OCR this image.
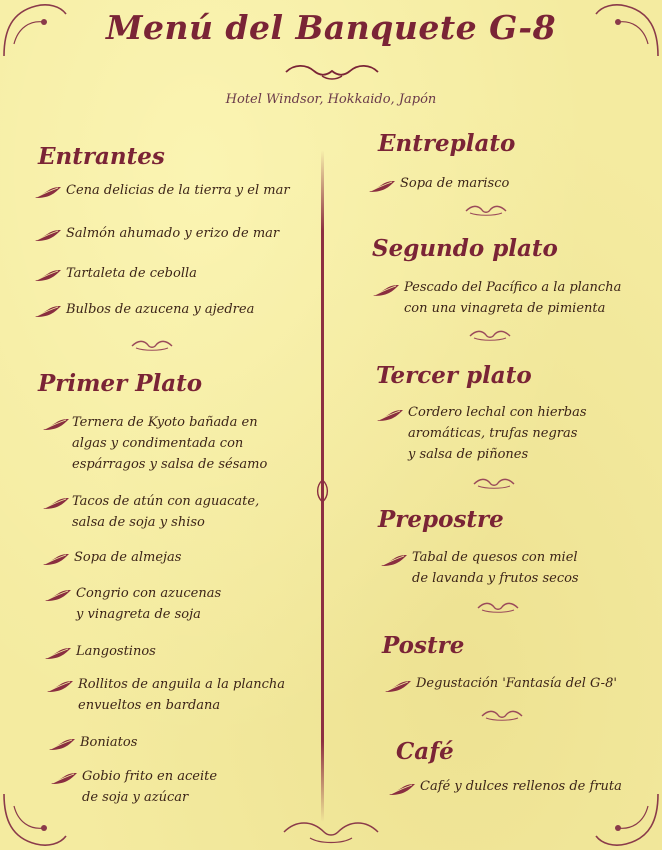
Menú del Banquete G-8
Hotel Windsor, Hokkaido, Japón
Entrantes
Cena delicias de la tierra y el mar
Salmón ahumado y erizo de mar
Tartaleta de cebolla
Bulbos de azucena y ajedrea
Primer Plato
Ternera de Kyoto bañada en
algas y condimentada con
espárragos y salsa de sésamo
Tacos de atún con aguacate,
salsa de soja y shiso
Sopa de almejas
Congrio con azucenas
y vinagreta de soja
Langostinos
Rollitos de anguila a la plancha
envueltos en bardana
Boniatos
Gobio frito en aceite
de soja y azúcar
Entreplato
Sopa de marisco
Segundo plato
Pescado del Pacífico a la plancha
con una vinagreta de pimienta
Tercer plato
Cordero lechal con hierbas
aromáticas, trufas negras
y salsa de piñones
Prepostre
Tabal de quesos con miel
de lavanda y frutos secos
Postre
Degustación 'Fantasía del G-8'
Café
Café y dulces rellenos de fruta
